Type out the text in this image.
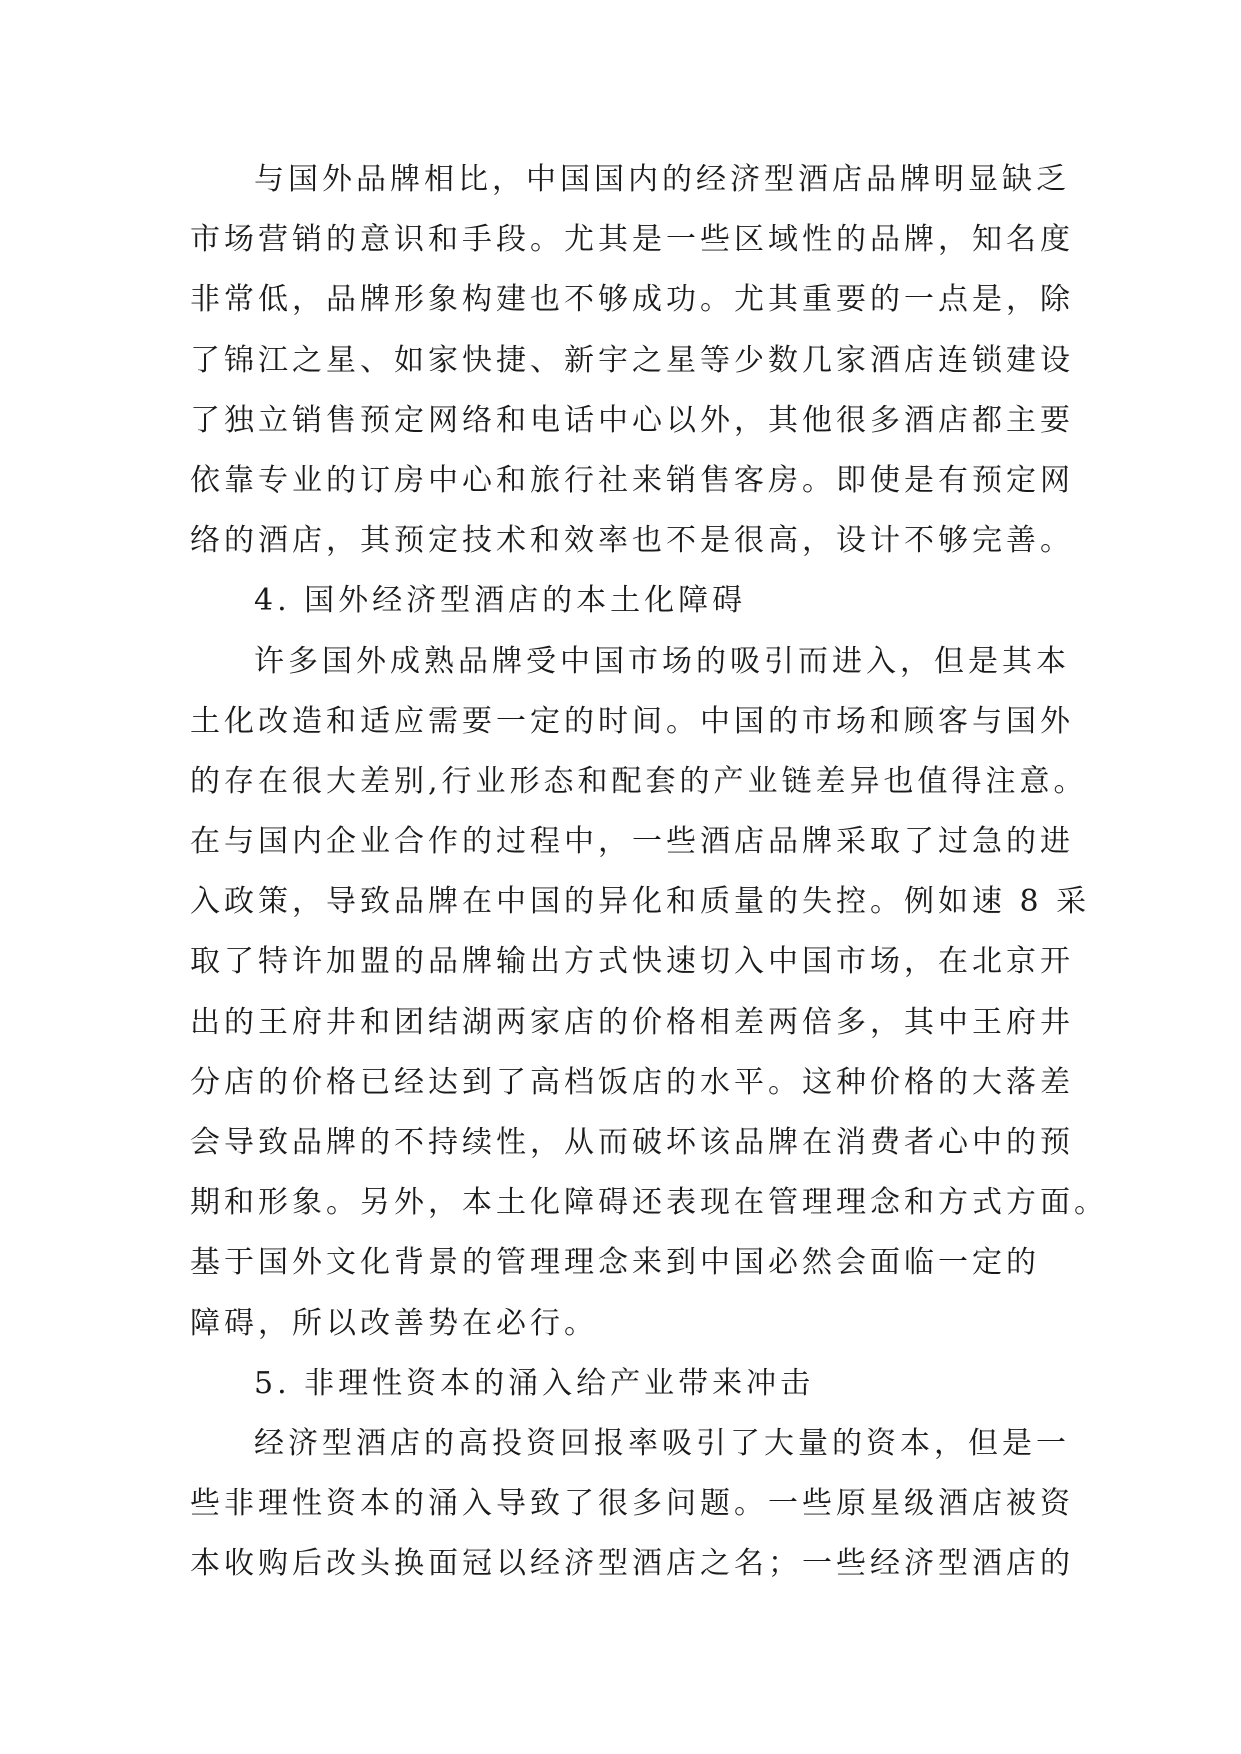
与国外品牌相比，中国国内的经济型酒店品牌明显缺乏
市场营销的意识和手段。尤其是一些区域性的品牌，知名度
非常低，品牌形象构建也不够成功。尤其重要的一点是，除
了锦江之星、如家快捷、新宇之星等少数几家酒店连锁建设
了独立销售预定网络和电话中心以外，其他很多酒店都主要
依靠专业的订房中心和旅行社来销售客房。即使是有预定网
络的酒店，其预定技术和效率也不是很高，设计不够完善。
4. 国外经济型酒店的本土化障碍
许多国外成熟品牌受中国市场的吸引而进入，但是其本
土化改造和适应需要一定的时间。中国的市场和顾客与国外
的存在很大差别,行业形态和配套的产业链差异也值得注意。
在与国内企业合作的过程中，一些酒店品牌采取了过急的进
入政策，导致品牌在中国的异化和质量的失控。例如速 8 采
取了特许加盟的品牌输出方式快速切入中国市场，在北京开
出的王府井和团结湖两家店的价格相差两倍多，其中王府井
分店的价格已经达到了高档饭店的水平。这种价格的大落差
会导致品牌的不持续性，从而破坏该品牌在消费者心中的预
期和形象。另外，本土化障碍还表现在管理理念和方式方面。
基于国外文化背景的管理理念来到中国必然会面临一定的
障碍，所以改善势在必行。
5. 非理性资本的涌入给产业带来冲击
经济型酒店的高投资回报率吸引了大量的资本，但是一
些非理性资本的涌入导致了很多问题。一些原星级酒店被资
本收购后改头换面冠以经济型酒店之名；一些经济型酒店的
